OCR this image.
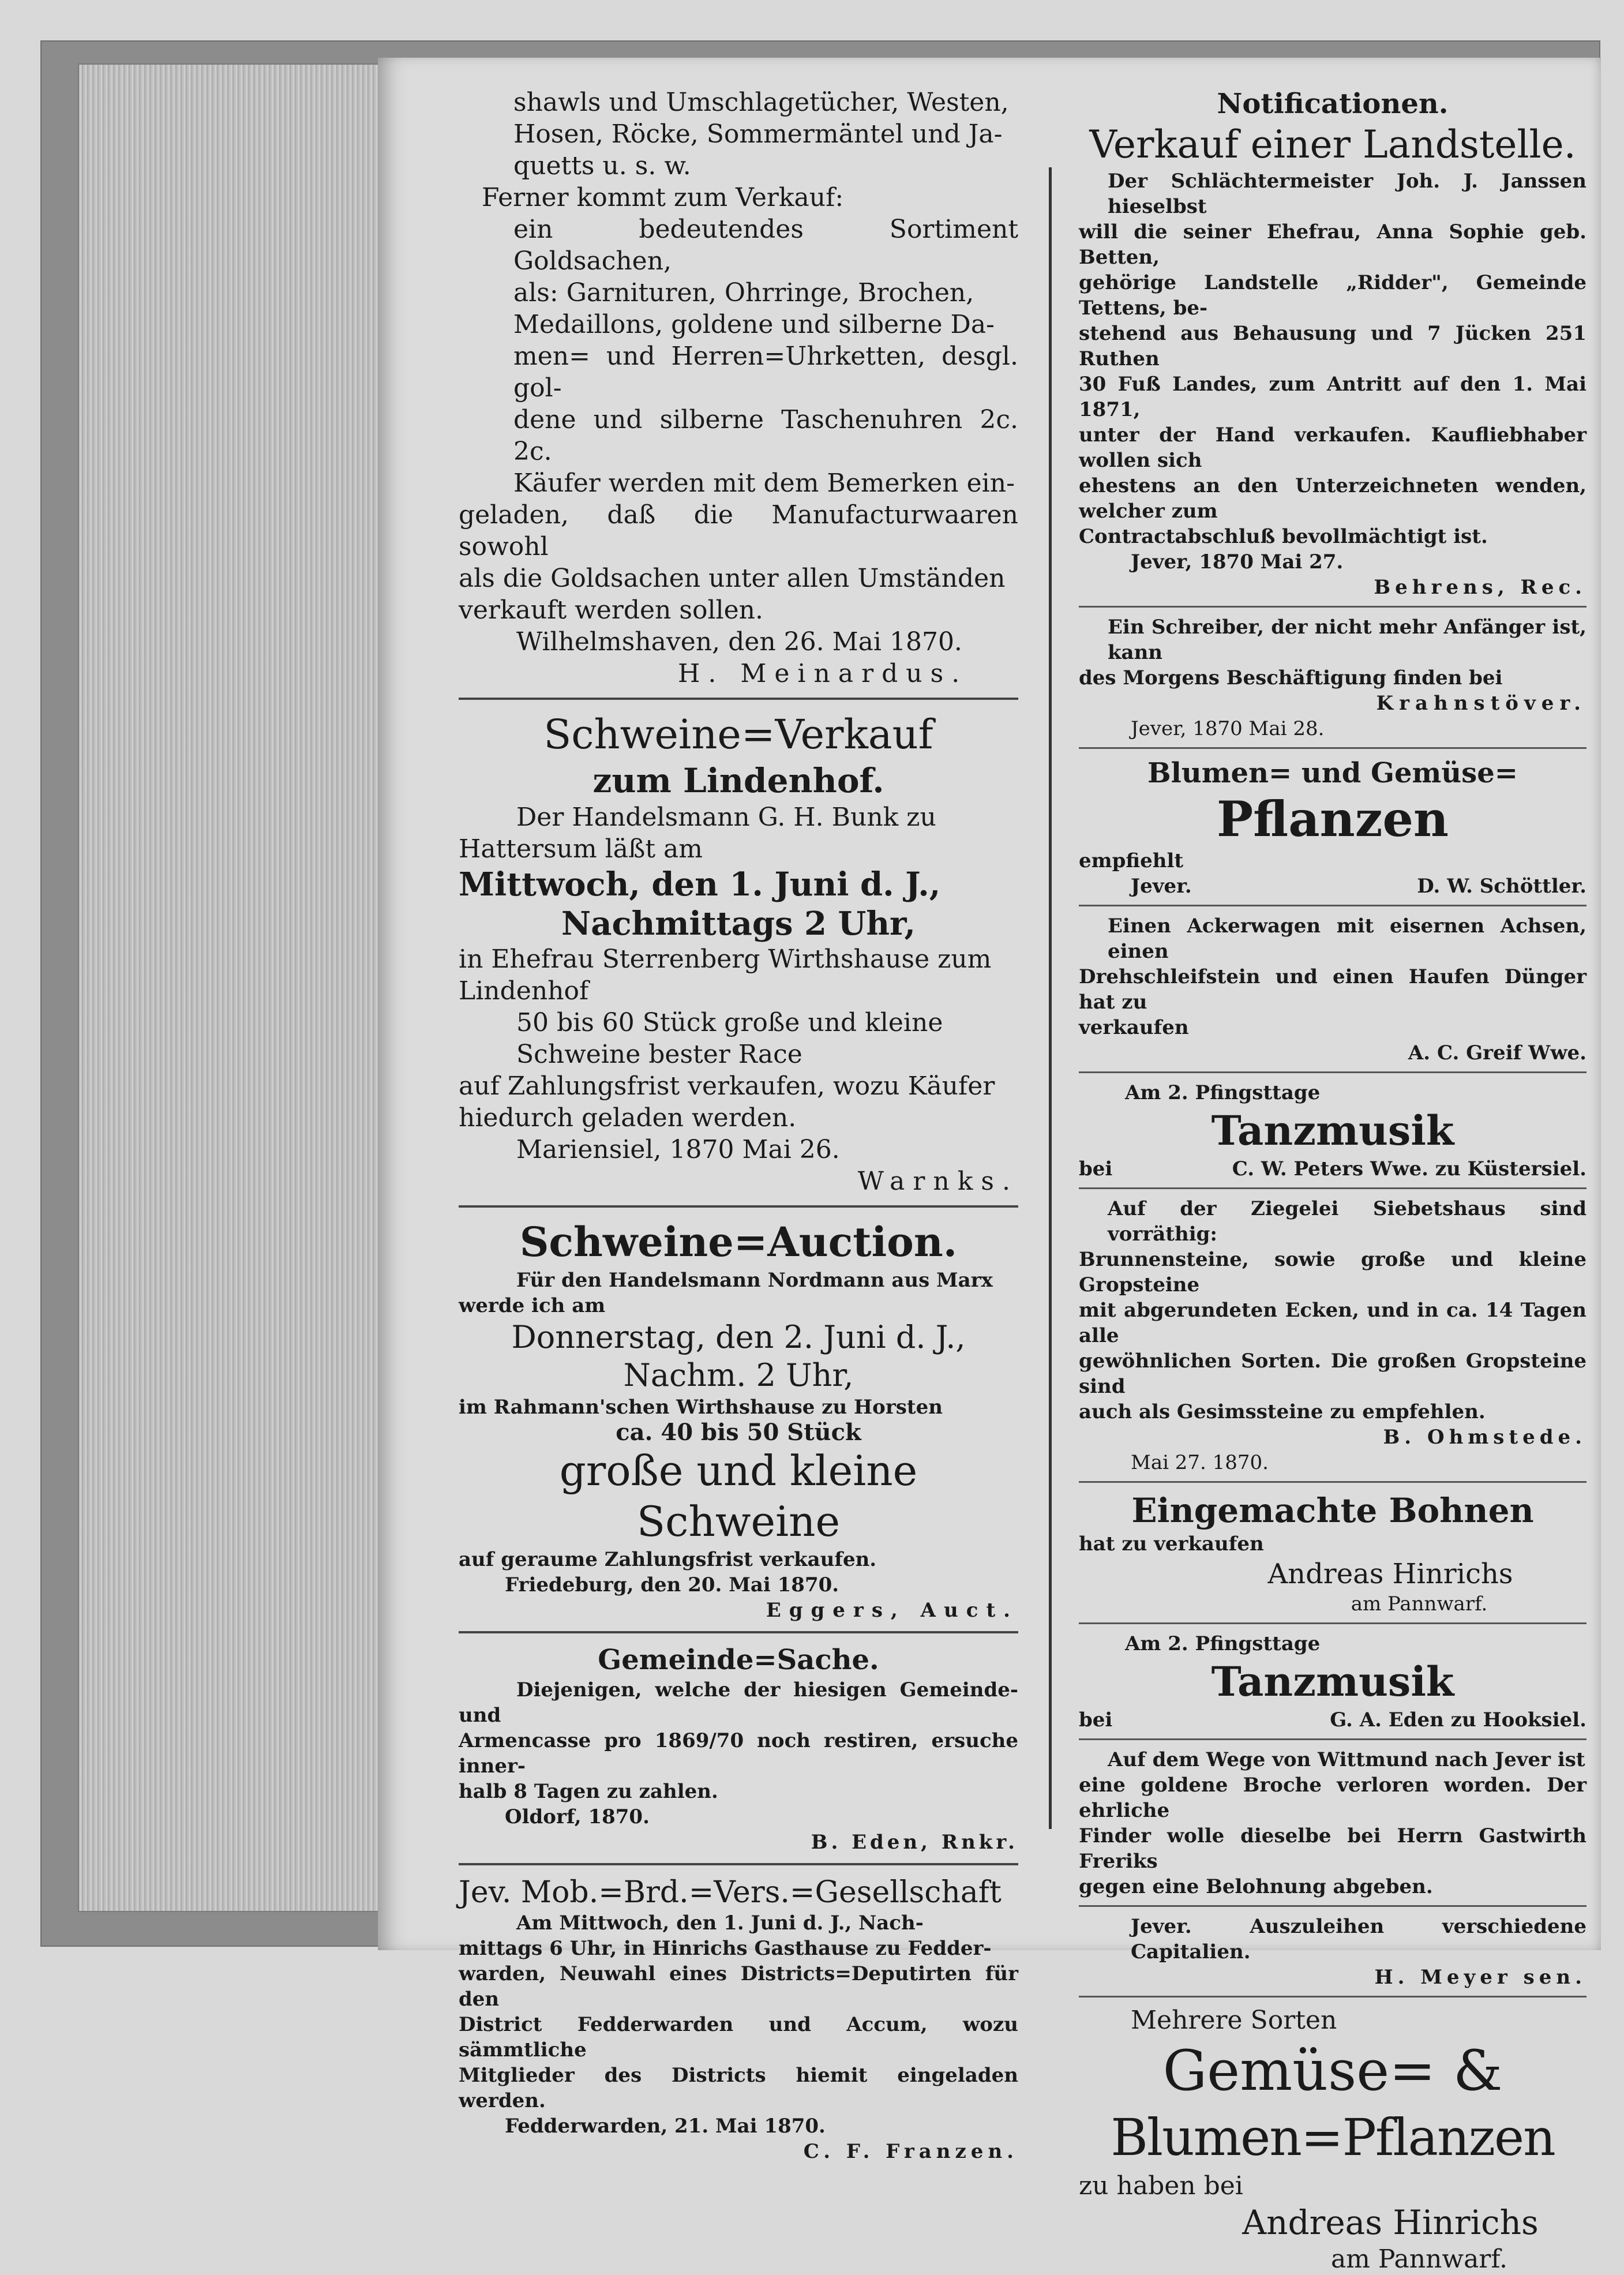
shawls und Umschlagetücher, Westen,

Hosen, Röcke, Sommermäntel und Ja-

quetts u. s. w.

Ferner kommt zum Verkauf:

ein bedeutendes Sortiment Goldsachen,

als: Garnituren, Ohrringe, Brochen,

Medaillons, goldene und silberne Da-

men= und Herren=Uhrketten, desgl. gol-

dene und silberne Taschenuhren 2c. 2c.

Käufer werden mit dem Bemerken ein-

geladen, daß die Manufacturwaaren sowohl

als die Goldsachen unter allen Umständen

verkauft werden sollen.

Wilhelmshaven, den 26. Mai 1870.

H. Meinardus.

Schweine=Verkauf

zum Lindenhof.

Der Handelsmann G. H. Bunk zu

Hattersum läßt am

Mittwoch, den 1. Juni d. J.,

Nachmittags 2 Uhr,

in Ehefrau Sterrenberg Wirthshause zum

Lindenhof

50 bis 60 Stück große und kleine

Schweine bester Race

auf Zahlungsfrist verkaufen, wozu Käufer

hiedurch geladen werden.

Mariensiel, 1870 Mai 26.

Warnks.

Schweine=Auction.

Für den Handelsmann Nordmann aus Marx

werde ich am

Donnerstag, den 2. Juni d. J.,

Nachm. 2 Uhr,

im Rahmann'schen Wirthshause zu Horsten

ca. 40 bis 50 Stück

große und kleine Schweine

auf geraume Zahlungsfrist verkaufen.

Friedeburg, den 20. Mai 1870.

Eggers, Auct.

Gemeinde=Sache.

Diejenigen, welche der hiesigen Gemeinde- und

Armencasse pro 1869/70 noch restiren, ersuche inner-

halb 8 Tagen zu zahlen.

Oldorf, 1870.

B. Eden, Rnkr.

Jev. Mob.=Brd.=Vers.=Gesellschaft

Am Mittwoch, den 1. Juni d. J., Nach-

mittags 6 Uhr, in Hinrichs Gasthause zu Fedder-

warden, Neuwahl eines Districts=Deputirten für den

District Fedderwarden und Accum, wozu sämmtliche

Mitglieder des Districts hiemit eingeladen werden.

Fedderwarden, 21. Mai 1870.

C. F. Franzen.

Notificationen.

Verkauf einer Landstelle.

Der Schlächtermeister Joh. J. Janssen hieselbst

will die seiner Ehefrau, Anna Sophie geb. Betten,

gehörige Landstelle „Ridder", Gemeinde Tettens, be-

stehend aus Behausung und 7 Jücken 251 Ruthen

30 Fuß Landes, zum Antritt auf den 1. Mai 1871,

unter der Hand verkaufen. Kaufliebhaber wollen sich

ehestens an den Unterzeichneten wenden, welcher zum

Contractabschluß bevollmächtigt ist.

Jever, 1870 Mai 27.

Behrens, Rec.

Ein Schreiber, der nicht mehr Anfänger ist, kann

des Morgens Beschäftigung finden bei

Krahnstöver.

Jever, 1870 Mai 28.

Blumen= und Gemüse=

Pflanzen

empfiehlt

Jever.	D. W. Schöttler.

Einen Ackerwagen mit eisernen Achsen, einen

Drehschleifstein und einen Haufen Dünger hat zu

verkaufen

A. C. Greif Wwe.

Am 2. Pfingsttage

Tanzmusik

bei	C. W. Peters Wwe. zu Küstersiel.

Auf der Ziegelei Siebetshaus sind vorräthig:

Brunnensteine, sowie große und kleine Gropsteine

mit abgerundeten Ecken, und in ca. 14 Tagen alle

gewöhnlichen Sorten. Die großen Gropsteine sind

auch als Gesimssteine zu empfehlen.

B. Ohmstede.

Mai 27. 1870.

Eingemachte Bohnen

hat zu verkaufen

Andreas Hinrichs

am Pannwarf.

Am 2. Pfingsttage

Tanzmusik

bei	G. A. Eden zu Hooksiel.

Auf dem Wege von Wittmund nach Jever ist

eine goldene Broche verloren worden. Der ehrliche

Finder wolle dieselbe bei Herrn Gastwirth Freriks

gegen eine Belohnung abgeben.

Jever. Auszuleihen verschiedene Capitalien.

H. Meyer sen.

Mehrere Sorten

Gemüse= &

Blumen=Pflanzen

zu haben bei

Andreas Hinrichs

am Pannwarf.
